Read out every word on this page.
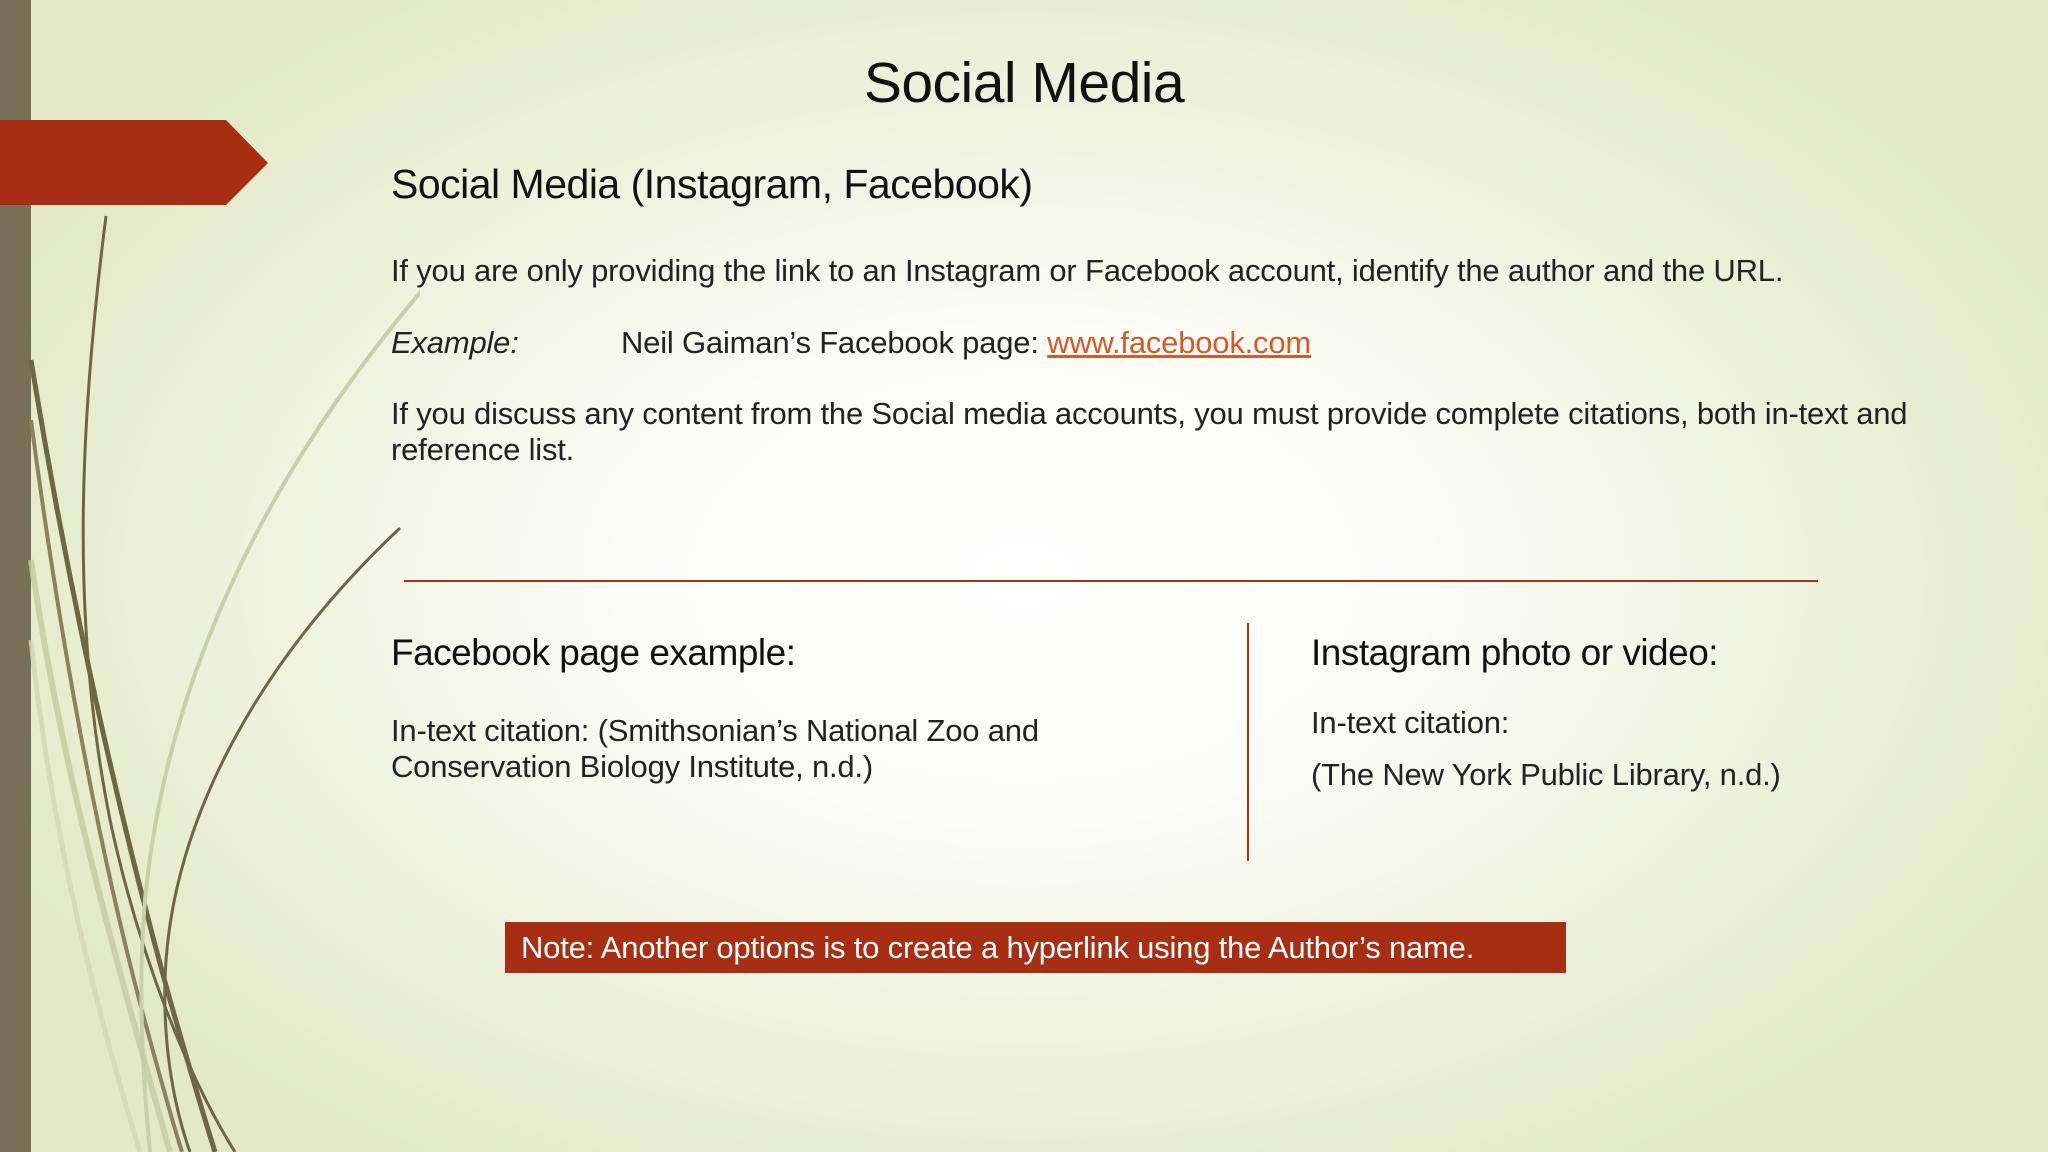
Social Media
Social Media (Instagram, Facebook)
If you are only providing the link to an Instagram or Facebook account, identify the author and the URL.
Example:	Neil Gaiman’s Facebook page: www.facebook.com
If you discuss any content from the Social media accounts, you must provide complete citations, both in-text and reference list.
Facebook page example:
In-text citation: (Smithsonian’s National Zoo and Conservation Biology Institute, n.d.)
Instagram photo or video:
In-text citation:
(The New York Public Library, n.d.)
Note: Another options is to create a hyperlink using the Author’s name.
